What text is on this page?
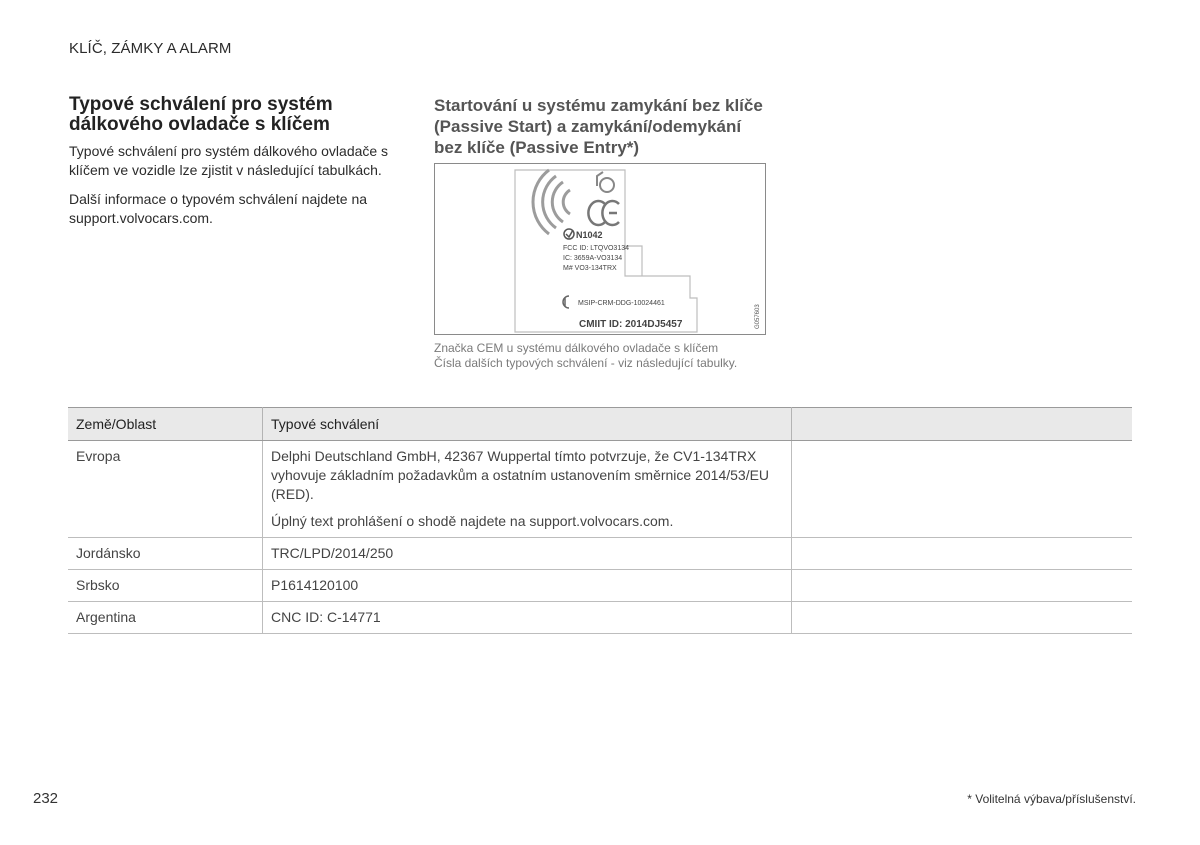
KLÍČ, ZÁMKY A ALARM
Typové schválení pro systém
dálkového ovladače s klíčem

Typové schválení pro systém dálkového ovladače s klíčem ve vozidle lze zjistit v následující tabulkách.

Další informace o typovém schválení najdete na support.volvocars.com.

Startování u systému zamykání bez klíče (Passive Start) a zamykání/odemykání bez klíče (Passive Entry*)
N1042
FCC ID: LTQVO3134
IC: 3659A-VO3134
M# VO3-134TRX
MSIP-CRM-DDG-10024461
CMIIT ID: 2014DJ5457	G057603
Značka CEM u systému dálkového ovladače s klíčem
Čísla dalších typových schválení - viz následující tabulky.
Země/Oblast	Typové schválení	
Evropa	Delphi Deutschland GmbH, 42367 Wuppertal tímto potvrzuje, že CV1-134TRX vyhovuje základním požadavkům a ostatním ustanovením směrnice 2014/53/EU (RED).

Úplný text prohlášení o shodě najdete na support.volvocars.com.	

Jordánsko	TRC/LPD/2014/250	
Srbsko	P1614120100	
Argentina	CNC ID: C-14771	
232	* Volitelná výbava/příslušenství.
